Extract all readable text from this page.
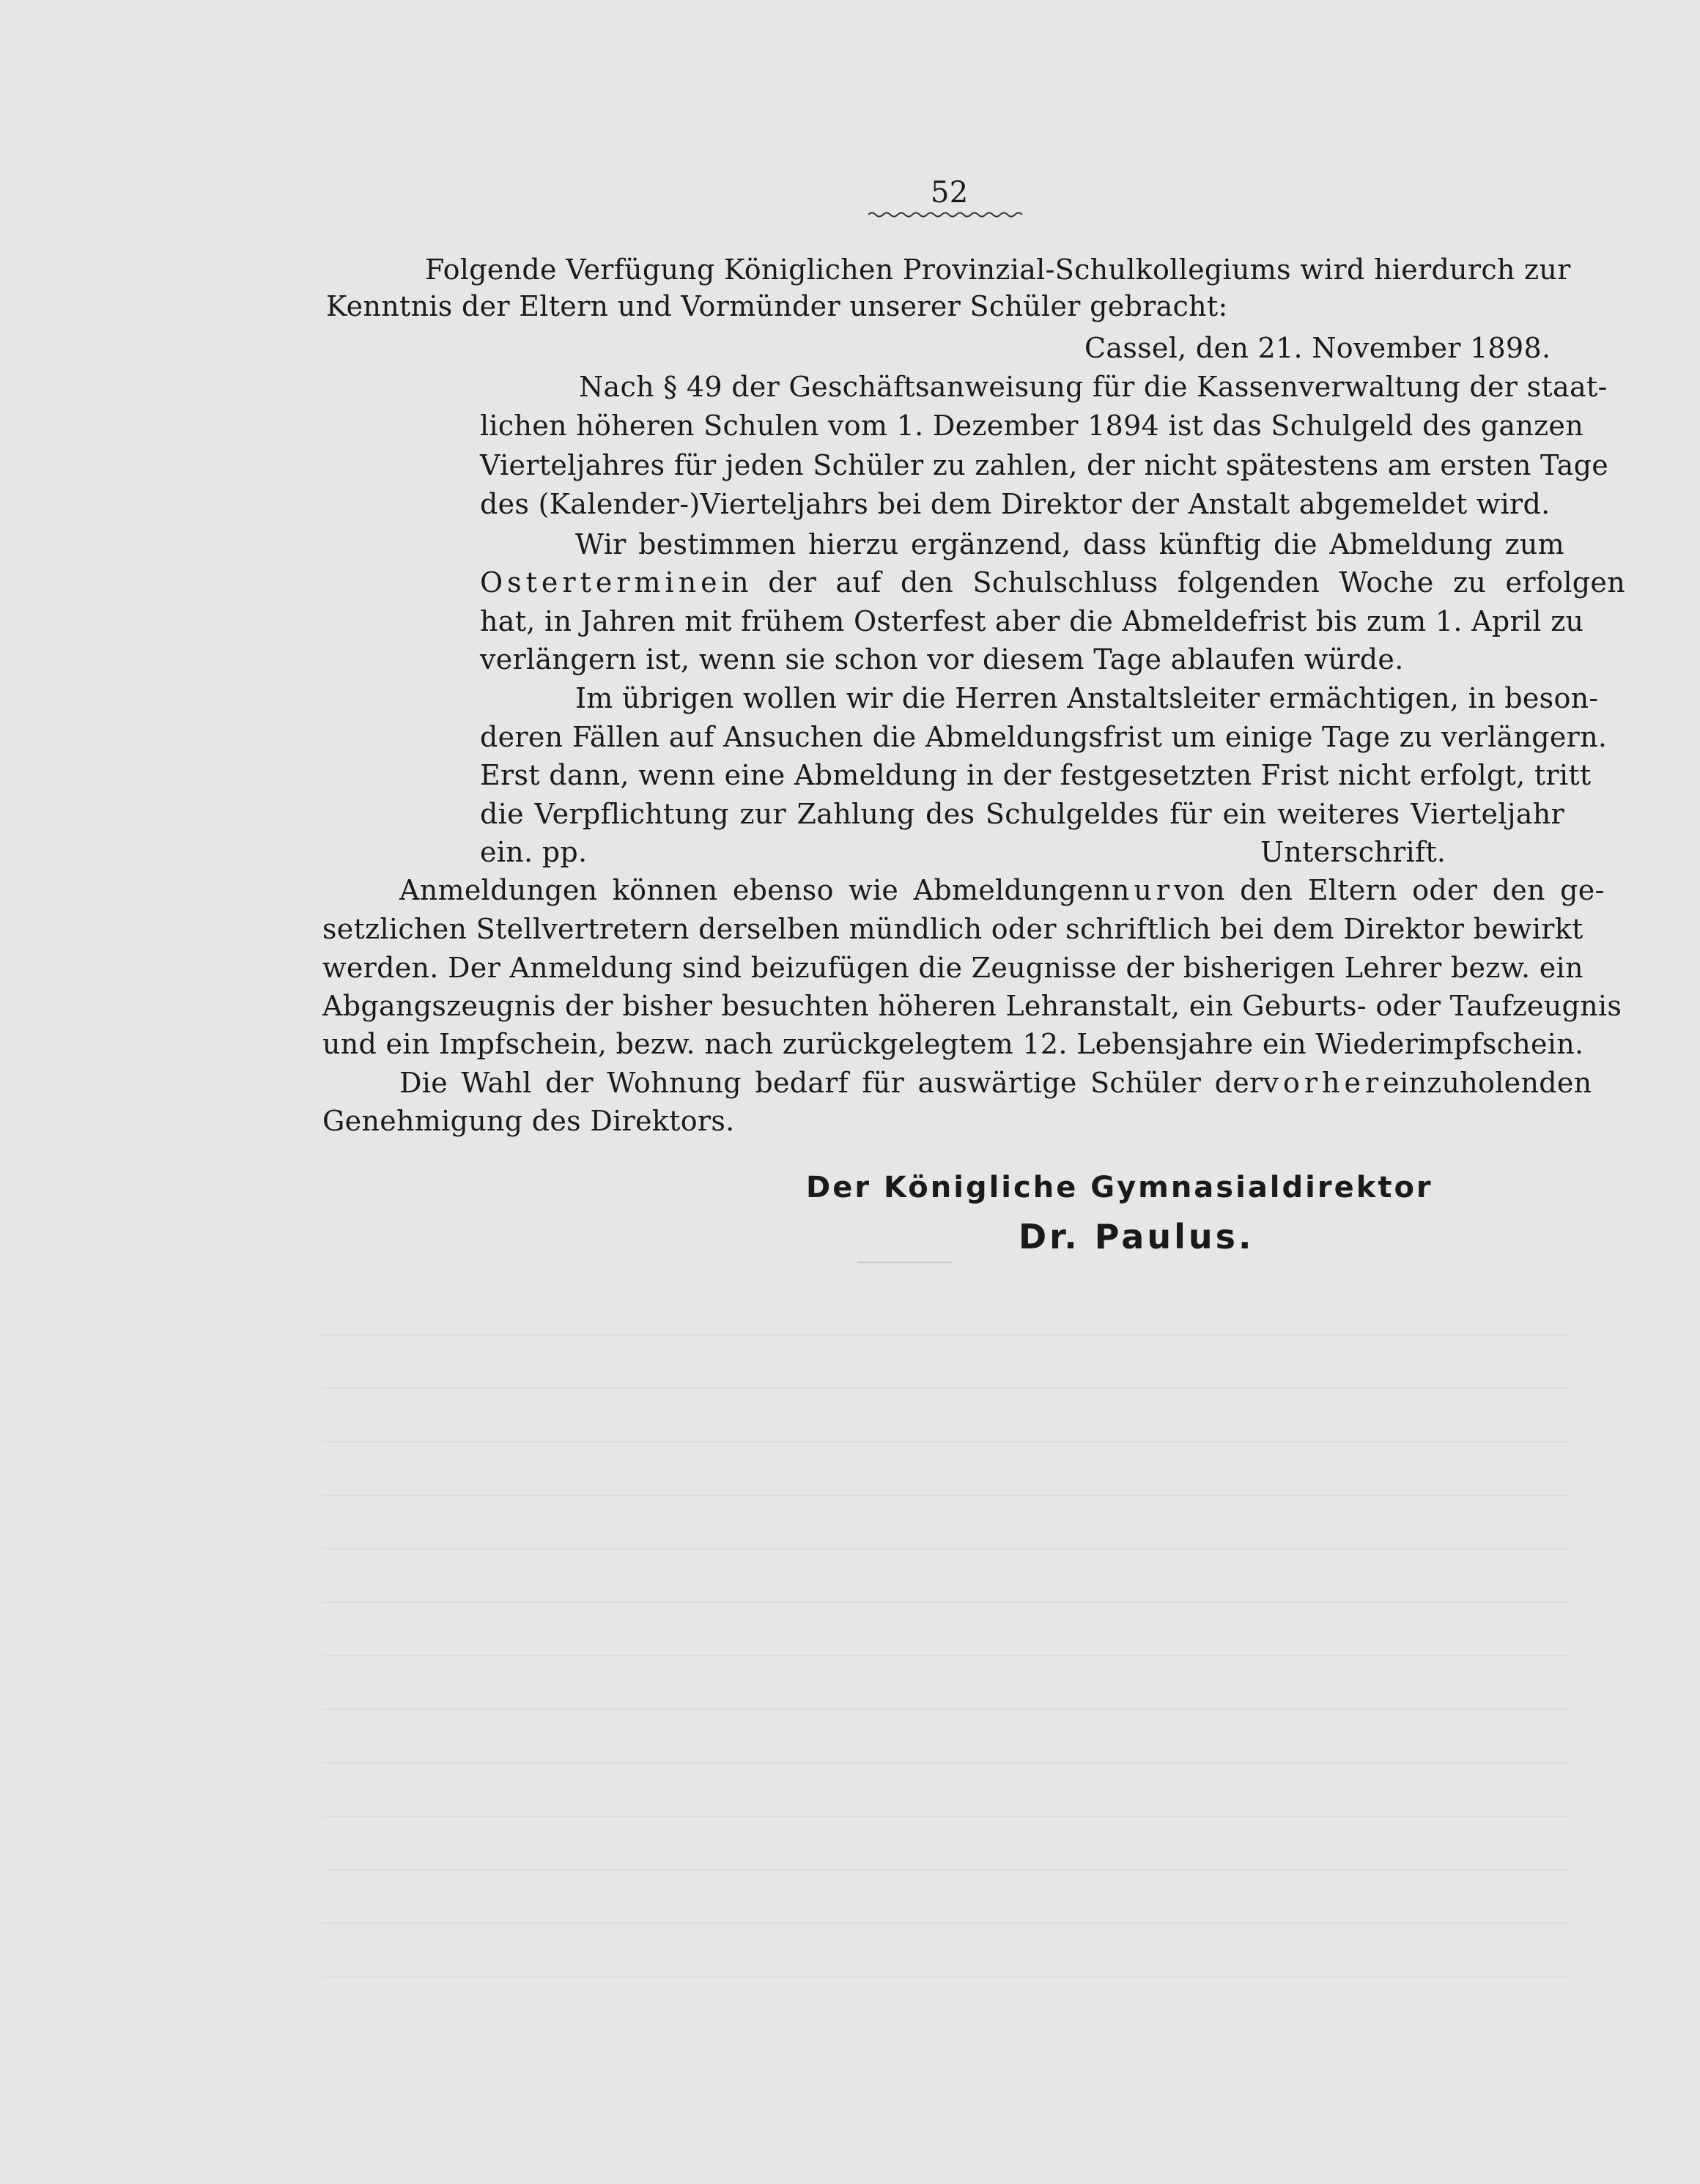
52
Folgende Verfügung Königlichen Provinzial-Schulkollegiums wird hierdurch zur
Kenntnis der Eltern und Vormünder unserer Schüler gebracht:
Cassel, den 21. November 1898.
Nach § 49 der Geschäftsanweisung für die Kassenverwaltung der staat-
lichen höheren Schulen vom 1. Dezember 1894 ist das Schulgeld des ganzen
Vierteljahres für jeden Schüler zu zahlen, der nicht spätestens am ersten Tage
des (Kalender-)Vierteljahrs bei dem Direktor der Anstalt abgemeldet wird.
Wir bestimmen hierzu ergänzend, dass künftig die Abmeldung zum
Ostertermine in der auf den Schulschluss folgenden Woche zu erfolgen
hat, in Jahren mit frühem Osterfest aber die Abmeldefrist bis zum 1. April zu
verlängern ist, wenn sie schon vor diesem Tage ablaufen würde.
Im übrigen wollen wir die Herren Anstaltsleiter ermächtigen, in beson-
deren Fällen auf Ansuchen die Abmeldungsfrist um einige Tage zu verlängern.
Erst dann, wenn eine Abmeldung in der festgesetzten Frist nicht erfolgt, tritt
die Verpflichtung zur Zahlung des Schulgeldes für ein weiteres Vierteljahr
ein. pp.	Unterschrift.
Anmeldungen können ebenso wie Abmeldungen nur von den Eltern oder den ge-
setzlichen Stellvertretern derselben mündlich oder schriftlich bei dem Direktor bewirkt
werden. Der Anmeldung sind beizufügen die Zeugnisse der bisherigen Lehrer bezw. ein
Abgangszeugnis der bisher besuchten höheren Lehranstalt, ein Geburts- oder Taufzeugnis
und ein Impfschein, bezw. nach zurückgelegtem 12. Lebensjahre ein Wiederimpfschein.
Die Wahl der Wohnung bedarf für auswärtige Schüler der vorher einzuholenden
Genehmigung des Direktors.
Der Königliche Gymnasialdirektor
Dr. Paulus.
